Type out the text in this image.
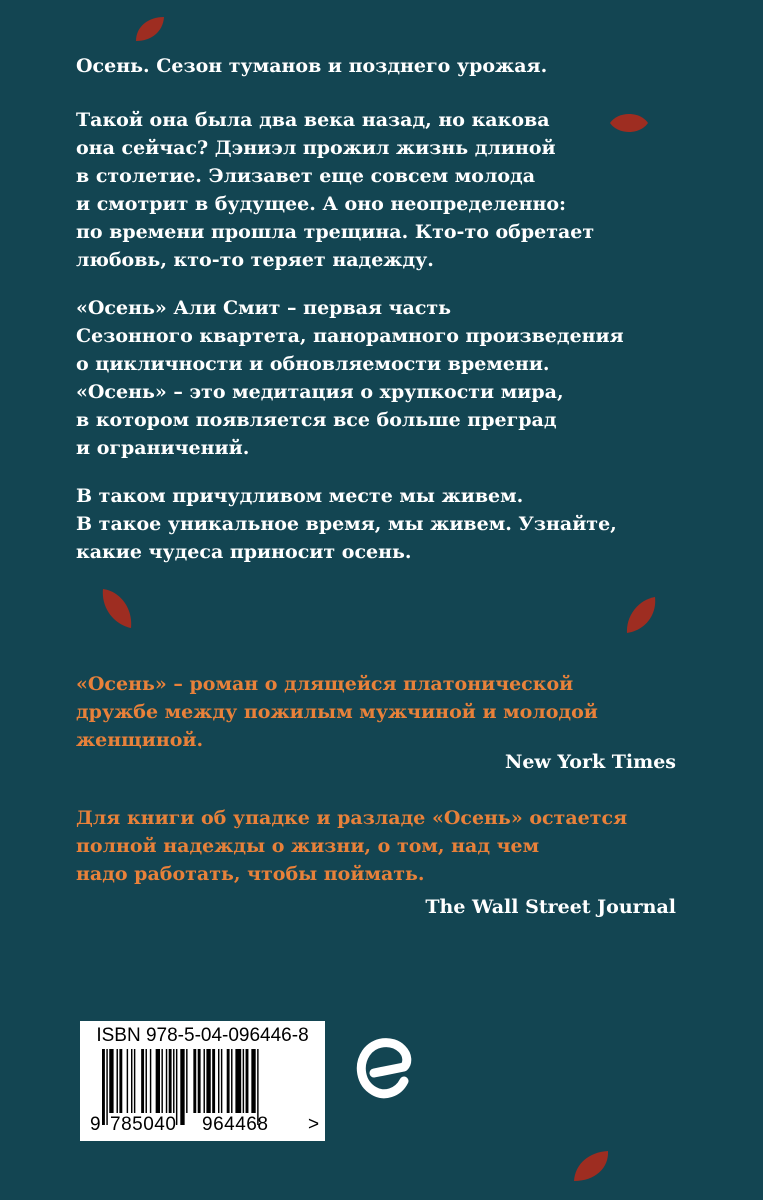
Осень. Сезон туманов и позднего урожая.
Такой она была два века назад, но какова
она сейчас? Дэниэл прожил жизнь длиной
в столетие. Элизавет еще совсем молода
и смотрит в будущее. А оно неопределенно:
по времени прошла трещина. Кто-то обретает
любовь, кто-то теряет надежду.
«Осень» Али Смит – первая часть
Сезонного квартета, панорамного произведения
о цикличности и обновляемости времени.
«Осень» – это медитация о хрупкости мира,
в котором появляется все больше преград
и ограничений.
В таком причудливом месте мы живем.
В такое уникальное время, мы живем. Узнайте,
какие чудеса приносит осень.
«Осень» – роман о длящейся платонической
дружбе между пожилым мужчиной и молодой
женщиной.
New York Times
Для книги об упадке и разладе «Осень» остается
полной надежды о жизни, о том, над чем
надо работать, чтобы поймать.
The Wall Street Journal
ISBN 978-5-04-096446-8
9 785040 964468 >
